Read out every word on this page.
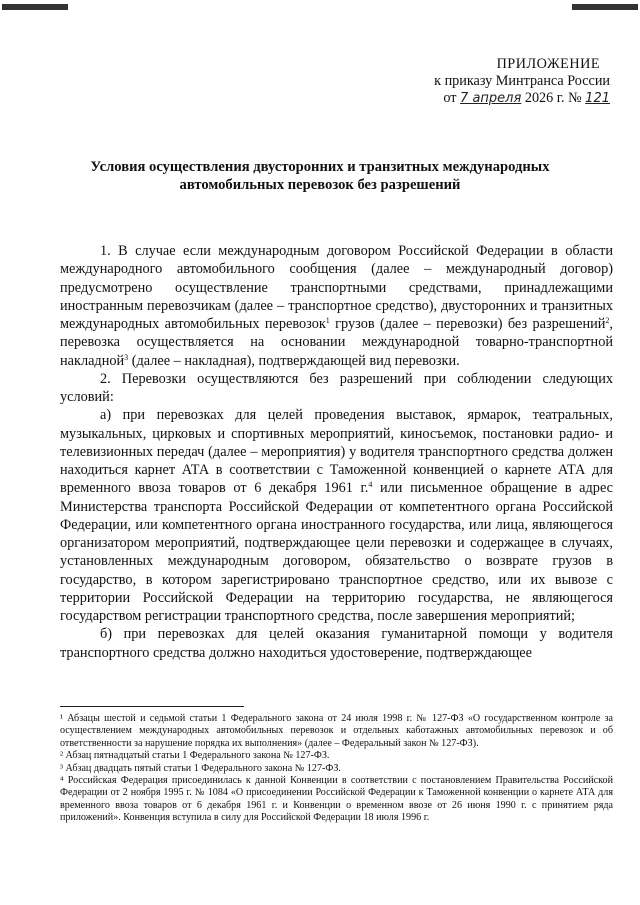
ПРИЛОЖЕНИЕ
к приказу Минтранса России
от 7 апреля 2026 г. № 121
Условия осуществления двусторонних и транзитных международных
автомобильных перевозок без разрешений

1. В случае если международным договором Российской Федерации в области международного автомобильного сообщения (далее – международный договор) предусмотрено осуществление транспортными средствами, принадлежащими иностранным перевозчикам (далее – транспортное средство), двусторонних и транзитных международных автомобильных перевозок$^1$ грузов (далее – перевозки) без разрешений$^2$, перевозка осуществляется на основании международной товарно-транспортной накладной$^3$ (далее – накладная), подтверждающей вид перевозки.

2. Перевозки осуществляются без разрешений при соблюдении следующих условий:

а) при перевозках для целей проведения выставок, ярмарок, театральных, музыкальных, цирковых и спортивных мероприятий, киносъемок, постановки радио- и телевизионных передач (далее – мероприятия) у водителя транспортного средства должен находиться карнет АТА в соответствии с Таможенной конвенцией о карнете АТА для временного ввоза товаров от 6 декабря 1961 г.$^4$ или письменное обращение в адрес Министерства транспорта Российской Федерации от компетентного органа Российской Федерации, или компетентного органа иностранного государства, или лица, являющегося организатором мероприятий, подтверждающее цели перевозки и содержащее в случаях, установленных международным договором, обязательство о возврате грузов в государство, в котором зарегистрировано транспортное средство, или их вывозе с территории Российской Федерации на территорию государства, не являющегося государством регистрации транспортного средства, после завершения мероприятий;

б) при перевозках для целей оказания гуманитарной помощи у водителя транспортного средства должно находиться удостоверение, подтверждающее

¹ Абзацы шестой и седьмой статьи 1 Федерального закона от 24 июля 1998 г. № 127-ФЗ «О государственном контроле за осуществлением международных автомобильных перевозок и отдельных каботажных автомобильных перевозок и об ответственности за нарушение порядка их выполнения» (далее – Федеральный закон № 127-ФЗ).

² Абзац пятнадцатый статьи 1 Федерального закона № 127-ФЗ.

³ Абзац двадцать пятый статьи 1 Федерального закона № 127-ФЗ.

⁴ Российская Федерация присоединилась к данной Конвенции в соответствии с постановлением Правительства Российской Федерации от 2 ноября 1995 г. № 1084 «О присоединении Российской Федерации к Таможенной конвенции о карнете АТА для временного ввоза товаров от 6 декабря 1961 г. и Конвенции о временном ввозе от 26 июня 1990 г. с принятием ряда приложений». Конвенция вступила в силу для Российской Федерации 18 июля 1996 г.
